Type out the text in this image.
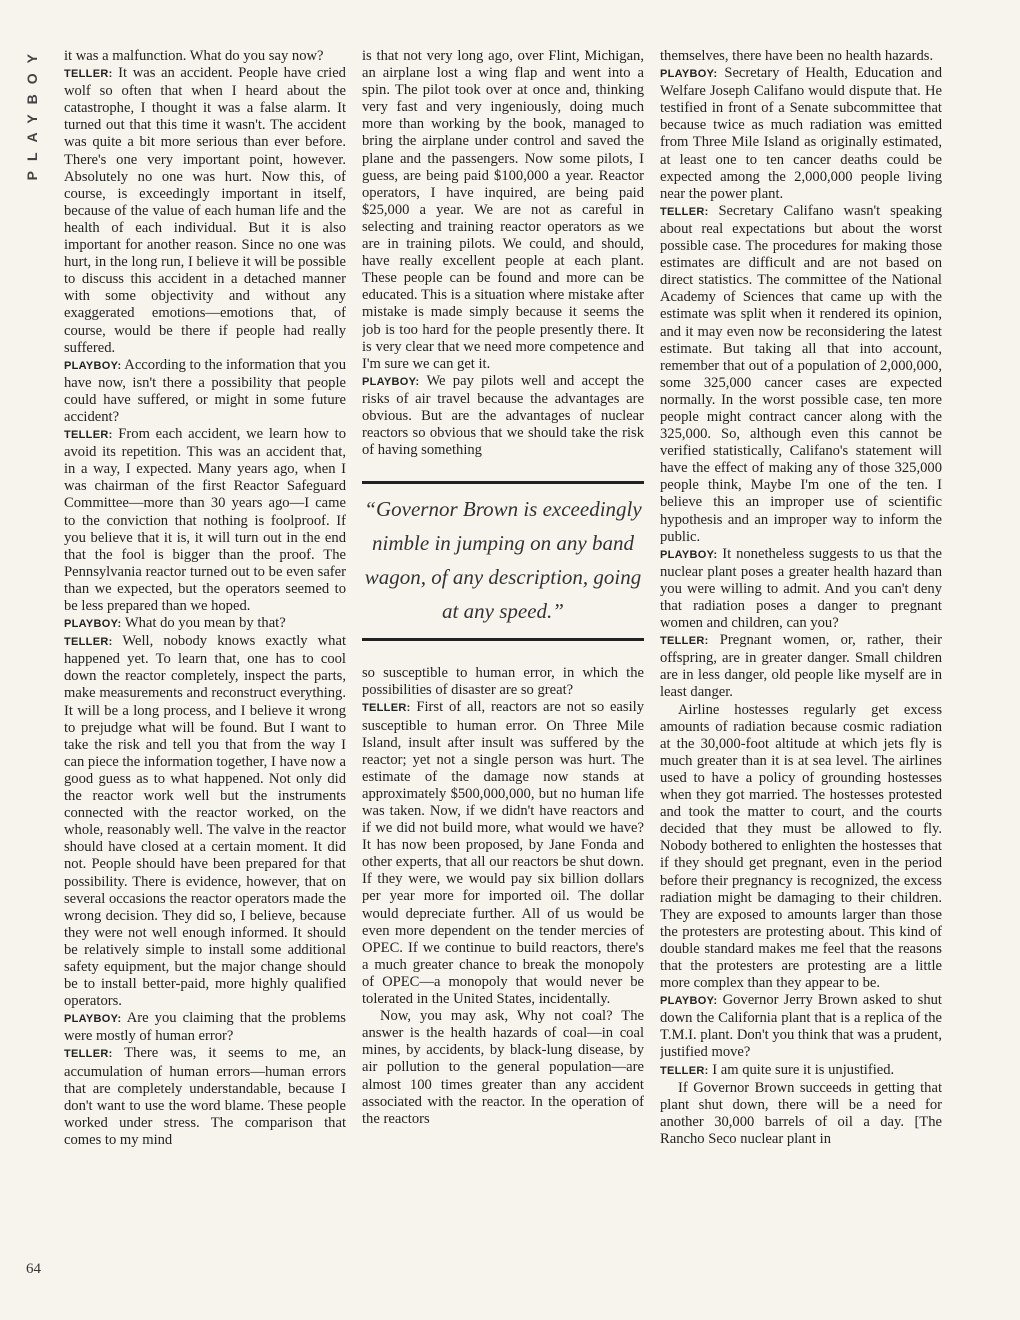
PLAYBOY
64

it was a malfunction. What do you say now?

TELLER: It was an accident. People have cried wolf so often that when I heard about the catastrophe, I thought it was a false alarm. It turned out that this time it wasn't. The accident was quite a bit more serious than ever before. There's one very important point, however. Absolutely no one was hurt. Now this, of course, is exceedingly important in itself, because of the value of each human life and the health of each individual. But it is also important for another reason. Since no one was hurt, in the long run, I believe it will be possible to discuss this accident in a detached manner with some objectivity and without any exaggerated emotions—emotions that, of course, would be there if people had really suffered.

PLAYBOY: According to the information that you have now, isn't there a possibility that people could have suffered, or might in some future accident?

TELLER: From each accident, we learn how to avoid its repetition. This was an accident that, in a way, I expected. Many years ago, when I was chairman of the first Reactor Safeguard Committee—more than 30 years ago—I came to the conviction that nothing is foolproof. If you believe that it is, it will turn out in the end that the fool is bigger than the proof. The Pennsylvania reactor turned out to be even safer than we expected, but the operators seemed to be less prepared than we hoped.

PLAYBOY: What do you mean by that?

TELLER: Well, nobody knows exactly what happened yet. To learn that, one has to cool down the reactor completely, inspect the parts, make measurements and reconstruct everything. It will be a long process, and I believe it wrong to prejudge what will be found. But I want to take the risk and tell you that from the way I can piece the information together, I have now a good guess as to what happened. Not only did the reactor work well but the instruments connected with the reactor worked, on the whole, reasonably well. The valve in the reactor should have closed at a certain moment. It did not. People should have been prepared for that possibility. There is evidence, however, that on several occasions the reactor operators made the wrong decision. They did so, I believe, because they were not well enough informed. It should be relatively simple to install some additional safety equipment, but the major change should be to install better-paid, more highly qualified operators.

PLAYBOY: Are you claiming that the problems were mostly of human error?

TELLER: There was, it seems to me, an accumulation of human errors—human errors that are completely understandable, because I don't want to use the word blame. These people worked under stress. The comparison that comes to my mind

is that not very long ago, over Flint, Michigan, an airplane lost a wing flap and went into a spin. The pilot took over at once and, thinking very fast and very ingeniously, doing much more than working by the book, managed to bring the airplane under control and saved the plane and the passengers. Now some pilots, I guess, are being paid $100,000 a year. Reactor operators, I have inquired, are being paid $25,000 a year. We are not as careful in selecting and training reactor operators as we are in training pilots. We could, and should, have really excellent people at each plant. These people can be found and more can be educated. This is a situation where mistake after mistake is made simply because it seems the job is too hard for the people presently there. It is very clear that we need more competence and I'm sure we can get it.

PLAYBOY: We pay pilots well and accept the risks of air travel because the advantages are obvious. But are the advantages of nuclear reactors so obvious that we should take the risk of having something

“Governor Brown is exceedingly nimble in jumping on any band wagon, of any description, going at any speed.”

so susceptible to human error, in which the possibilities of disaster are so great?

TELLER: First of all, reactors are not so easily susceptible to human error. On Three Mile Island, insult after insult was suffered by the reactor; yet not a single person was hurt. The estimate of the damage now stands at approximately $500,000,000, but no human life was taken. Now, if we didn't have reactors and if we did not build more, what would we have? It has now been proposed, by Jane Fonda and other experts, that all our reactors be shut down. If they were, we would pay six billion dollars per year more for imported oil. The dollar would depreciate further. All of us would be even more dependent on the tender mercies of OPEC. If we continue to build reactors, there's a much greater chance to break the monopoly of OPEC—a monopoly that would never be tolerated in the United States, incidentally.

Now, you may ask, Why not coal? The answer is the health hazards of coal—in coal mines, by accidents, by black-lung disease, by air pollution to the general population—are almost 100 times greater than any accident associated with the reactor. In the operation of the reactors

themselves, there have been no health hazards.

PLAYBOY: Secretary of Health, Education and Welfare Joseph Califano would dispute that. He testified in front of a Senate subcommittee that because twice as much radiation was emitted from Three Mile Island as originally estimated, at least one to ten cancer deaths could be expected among the 2,000,000 people living near the power plant.

TELLER: Secretary Califano wasn't speaking about real expectations but about the worst possible case. The procedures for making those estimates are difficult and are not based on direct statistics. The committee of the National Academy of Sciences that came up with the estimate was split when it rendered its opinion, and it may even now be reconsidering the latest estimate. But taking all that into account, remember that out of a population of 2,000,000, some 325,000 cancer cases are expected normally. In the worst possible case, ten more people might contract cancer along with the 325,000. So, although even this cannot be verified statistically, Califano's statement will have the effect of making any of those 325,000 people think, Maybe I'm one of the ten. I believe this an improper use of scientific hypothesis and an improper way to inform the public.

PLAYBOY: It nonetheless suggests to us that the nuclear plant poses a greater health hazard than you were willing to admit. And you can't deny that radiation poses a danger to pregnant women and children, can you?

TELLER: Pregnant women, or, rather, their offspring, are in greater danger. Small children are in less danger, old people like myself are in least danger.

Airline hostesses regularly get excess amounts of radiation because cosmic radiation at the 30,000-foot altitude at which jets fly is much greater than it is at sea level. The airlines used to have a policy of grounding hostesses when they got married. The hostesses protested and took the matter to court, and the courts decided that they must be allowed to fly. Nobody bothered to enlighten the hostesses that if they should get pregnant, even in the period before their pregnancy is recognized, the excess radiation might be damaging to their children. They are exposed to amounts larger than those the protesters are protesting about. This kind of double standard makes me feel that the reasons that the protesters are protesting are a little more complex than they appear to be.

PLAYBOY: Governor Jerry Brown asked to shut down the California plant that is a replica of the T.M.I. plant. Don't you think that was a prudent, justified move?

TELLER: I am quite sure it is unjustified.

If Governor Brown succeeds in getting that plant shut down, there will be a need for another 30,000 barrels of oil a day. [The Rancho Seco nuclear plant in
